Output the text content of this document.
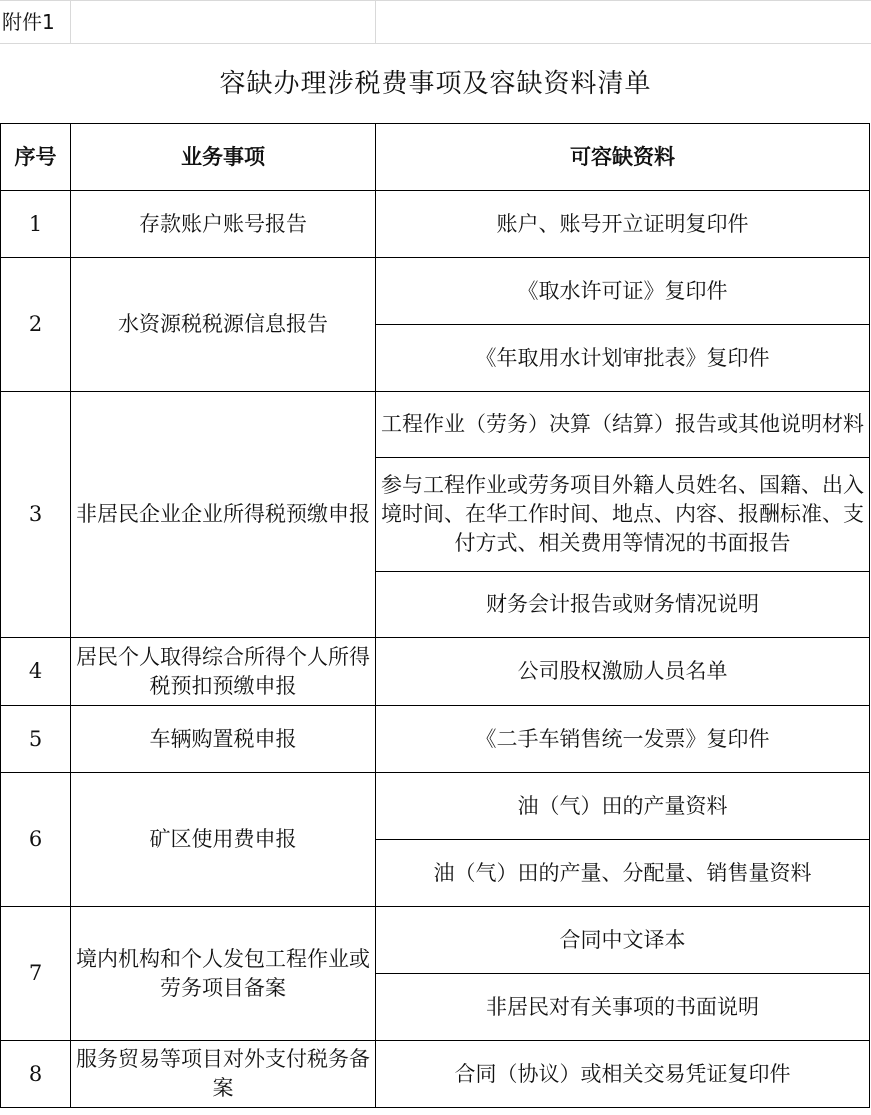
附件1
容缺办理涉税费事项及容缺资料清单
序号	业务事项	可容缺资料
1	存款账户账号报告	账户、账号开立证明复印件
2	水资源税税源信息报告	《取水许可证》复印件
		《年取用水计划审批表》复印件
3	非居民企业企业所得税预缴申报	工程作业（劳务）决算（结算）报告或其他说明材料
		参与工程作业或劳务项目外籍人员姓名、国籍、出入境时间、在华工作时间、地点、内容、报酬标准、支付方式、相关费用等情况的书面报告
		财务会计报告或财务情况说明
4	居民个人取得综合所得个人所得税预扣预缴申报	公司股权激励人员名单
5	车辆购置税申报	《二手车销售统一发票》复印件
6	矿区使用费申报	油（气）田的产量资料
		油（气）田的产量、分配量、销售量资料
7	境内机构和个人发包工程作业或劳务项目备案	合同中文译本
		非居民对有关事项的书面说明
8	服务贸易等项目对外支付税务备案	合同（协议）或相关交易凭证复印件
